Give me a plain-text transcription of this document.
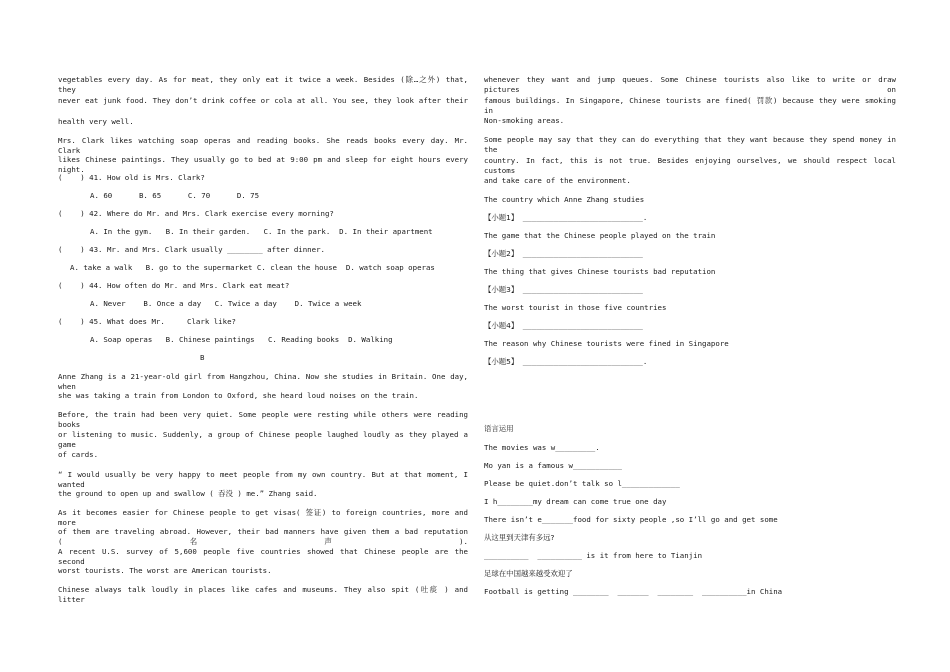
vegetables every day. As for meat, they only eat it twice a week. Besides (除…之外) that, they
never eat junk food. They don’t drink coffee or cola at all. You see, they look after their
health very well.
Mrs. Clark likes watching soap operas and reading books. She reads books every day. Mr. Clark
likes Chinese paintings. They usually go to bed at 9:00 pm and sleep for eight hours every night.
(    ) 41. How old is Mrs. Clark?
A. 60      B. 65      C. 70      D. 75
(    ) 42. Where do Mr. and Mrs. Clark exercise every morning?
A. In the gym.   B. In their garden.   C. In the park.  D. In their apartment
(    ) 43. Mr. and Mrs. Clark usually ________ after dinner.
A. take a walk   B. go to the supermarket C. clean the house  D. watch soap operas
(    ) 44. How often do Mr. and Mrs. Clark eat meat?
A. Never    B. Once a day   C. Twice a day    D. Twice a week
(    ) 45. What does Mr.     Clark like?
A. Soap operas   B. Chinese paintings   C. Reading books  D. Walking
B
Anne Zhang is a 21-year-old girl from Hangzhou, China. Now she studies in Britain. One day, when
she was taking a train from London to Oxford, she heard loud noises on the train.
Before, the train had been very quiet. Some people were resting while others were reading books
or listening to music. Suddenly, a group of Chinese people laughed loudly as they played a game
of cards.
“ I would usually be very happy to meet people from my own country. But at that moment, I wanted
the ground to open up and swallow ( 吞没 ) me.” Zhang said.
As it becomes easier for Chinese people to get visas( 签证) to foreign countries, more and more
of them are traveling abroad. However, their bad manners have given them a bad reputation (名声).
A recent U.S. survey of 5,600 people five countries showed that Chinese people are the second
worst tourists. The worst are American tourists.
Chinese always talk loudly in places like cafes and museums. They also spit (吐痰 ) and litter
whenever they want and jump queues. Some Chinese tourists also like to write or draw pictures on
famous buildings. In Singapore, Chinese tourists are fined( 罚款) because they were smoking in
Non-smoking areas.
Some people may say that they can do everything that they want because they spend money in the
country. In fact, this is not true. Besides enjoying ourselves, we should respect local customs
and take care of the environment.
The country which Anne Zhang studies
【小题1】 ___________________________.
The game that the Chinese people played on the train
【小题2】 ___________________________
The thing that gives Chinese tourists bad reputation
【小题3】 ___________________________
The worst tourist in those five countries
【小题4】 ___________________________
The reason why Chinese tourists were fined in Singapore
【小题5】 ___________________________.
语言运用
The movies was w_________.
Mo yan is a famous w___________
Please be quiet.don’t talk so l_____________
I h________my dream can come true one day
There isn’t e_______food for sixty people ,so I’ll go and get some
从这里到天津有多远?
__________  __________ is it from here to Tianjin
足球在中国越来越受欢迎了
Football is getting ________  _______  ________  __________in China
